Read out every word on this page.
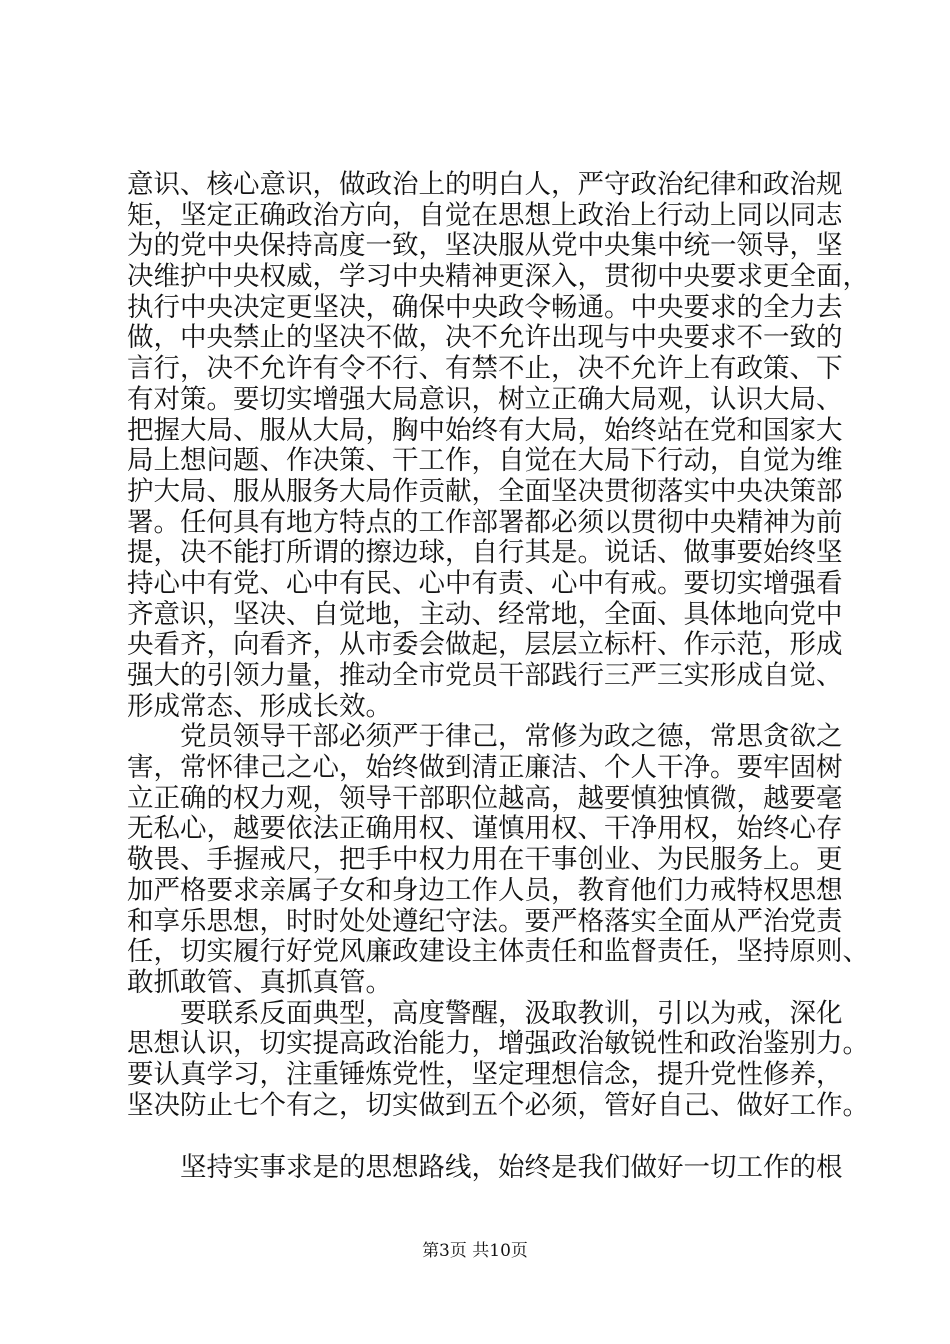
意识、核心意识，做政治上的明白人，严守政治纪律和政治规
矩，坚定正确政治方向，自觉在思想上政治上行动上同以同志
为的党中央保持高度一致，坚决服从党中央集中统一领导，坚
决维护中央权威，学习中央精神更深入，贯彻中央要求更全面，
执行中央决定更坚决，确保中央政令畅通。中央要求的全力去
做，中央禁止的坚决不做，决不允许出现与中央要求不一致的
言行，决不允许有令不行、有禁不止，决不允许上有政策、下
有对策。要切实增强大局意识，树立正确大局观，认识大局、
把握大局、服从大局，胸中始终有大局，始终站在党和国家大
局上想问题、作决策、干工作，自觉在大局下行动，自觉为维
护大局、服从服务大局作贡献，全面坚决贯彻落实中央决策部
署。任何具有地方特点的工作部署都必须以贯彻中央精神为前
提，决不能打所谓的擦边球，自行其是。说话、做事要始终坚
持心中有党、心中有民、心中有责、心中有戒。要切实增强看
齐意识，坚决、自觉地，主动、经常地，全面、具体地向党中
央看齐，向看齐，从市委会做起，层层立标杆、作示范，形成
强大的引领力量，推动全市党员干部践行三严三实形成自觉、
形成常态、形成长效。

　　党员领导干部必须严于律己，常修为政之德，常思贪欲之
害，常怀律己之心，始终做到清正廉洁、个人干净。要牢固树
立正确的权力观，领导干部职位越高，越要慎独慎微，越要毫
无私心，越要依法正确用权、谨慎用权、干净用权，始终心存
敬畏、手握戒尺，把手中权力用在干事创业、为民服务上。更
加严格要求亲属子女和身边工作人员，教育他们力戒特权思想
和享乐思想，时时处处遵纪守法。要严格落实全面从严治党责
任，切实履行好党风廉政建设主体责任和监督责任，坚持原则、
敢抓敢管、真抓真管。

　　要联系反面典型，高度警醒，汲取教训，引以为戒，深化
思想认识，切实提高政治能力，增强政治敏锐性和政治鉴别力。
要认真学习，注重锤炼党性，坚定理想信念，提升党性修养，
坚决防止七个有之，切实做到五个必须，管好自己、做好工作。

　　坚持实事求是的思想路线，始终是我们做好一切工作的根

第3页 共10页
